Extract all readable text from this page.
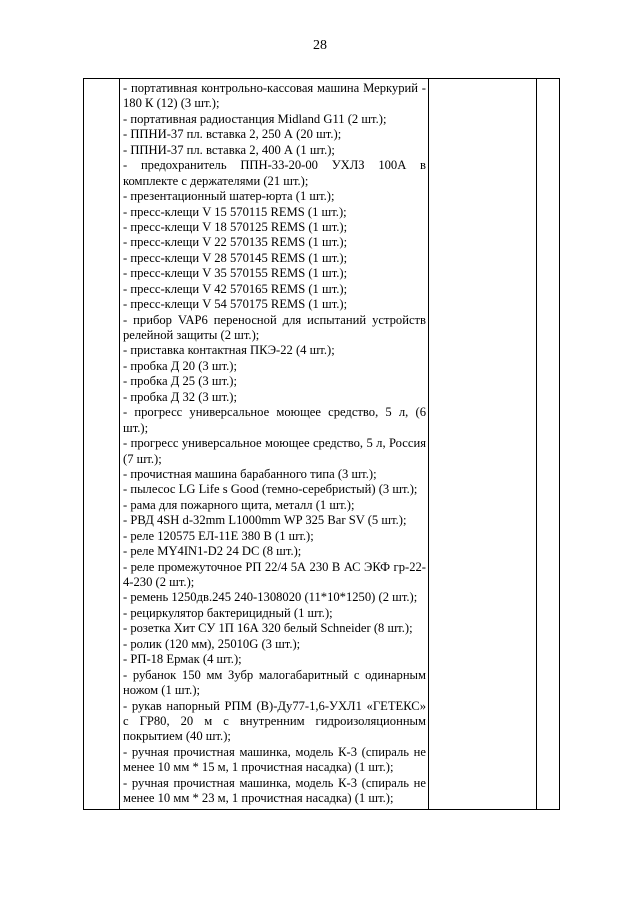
28

- портативная контрольно-кассовая машина Меркурий - 180 К (12) (3 шт.);
- портативная радиостанция Midland G11 (2 шт.);
- ППНИ-37 пл. вставка 2, 250 А (20 шт.);
- ППНИ-37 пл. вставка 2, 400 А (1 шт.);
- предохранитель ППН-33-20-00 УХЛЗ 100А в комплекте с держателями (21 шт.);
- презентационный шатер-юрта (1 шт.);
- пресс-клещи V 15 570115 REMS (1 шт.);
- пресс-клещи V 18 570125 REMS (1 шт.);
- пресс-клещи V 22 570135 REMS (1 шт.);
- пресс-клещи V 28 570145 REMS (1 шт.);
- пресс-клещи V 35 570155 REMS (1 шт.);
- пресс-клещи V 42 570165 REMS (1 шт.);
- пресс-клещи V 54 570175 REMS (1 шт.);
- прибор VAP6 переносной для испытаний устройств релейной защиты (2 шт.);
- приставка контактная ПКЭ-22 (4 шт.);
- пробка Д 20 (3 шт.);
- пробка Д 25 (3 шт.);
- пробка Д 32 (3 шт.);
- прогресс универсальное моющее средство, 5 л, (6 шт.);
- прогресс универсальное моющее средство, 5 л, Россия (7 шт.);
- прочистная машина барабанного типа (3 шт.);
- пылесос LG Life s Good (темно-серебристый) (3 шт.);
- рама для пожарного щита, металл (1 шт.);
- РВД 4SH d-32mm L1000mm WP 325 Bar SV (5 шт.);
- реле 120575 ЕЛ-11Е 380 В (1 шт.);
- реле MY4IN1-D2 24 DC (8 шт.);
- реле промежуточное РП 22/4 5А 230 В АС ЭКФ гр-22-4-230 (2 шт.);
- ремень 1250дв.245 240-1308020 (11*10*1250) (2 шт.);
- рециркулятор бактерицидный (1 шт.);
- розетка Хит СУ 1П 16А 320 белый Schneider (8 шт.);
- ролик (120 мм), 25010G (3 шт.);
- РП-18 Ермак (4 шт.);
- рубанок 150 мм Зубр малогабаритный с одинарным ножом (1 шт.);
- рукав напорный РПМ (В)-Ду77-1,6-УХЛ1 «ГЕТЕКС» с ГР80, 20 м с внутренним гидроизоляционным покрытием (40 шт.);
- ручная прочистная машинка, модель К-3 (спираль не менее 10 мм * 15 м, 1 прочистная насадка) (1 шт.);
- ручная прочистная машинка, модель К-3 (спираль не менее 10 мм * 23 м, 1 прочистная насадка) (1 шт.);
